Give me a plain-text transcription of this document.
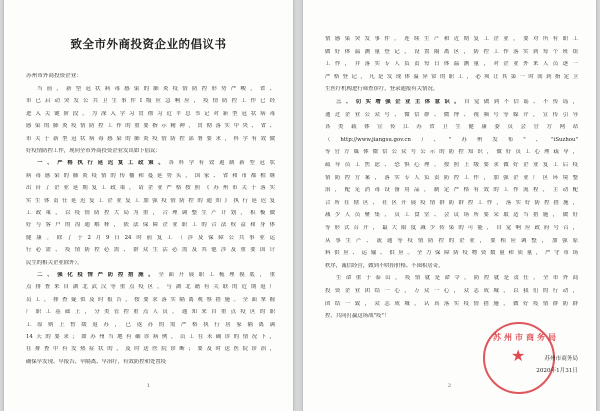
致全市外商投资企业的倡议书
苏州市外商投资企业：
当前，新型冠状病毒感染的肺炎疫情防控形势严峻，省、
市已启动突发公共卫生事件Ⅰ级应急响应，疫情防控工作已经
进入关键阶段。为深入学习贯彻习近平总书记对新型冠状病毒
感染的肺炎疫情防控工作的重要指示精神，贯彻落实中央、省、
市关于新型冠状病毒感染的肺炎疫情防控部署要求，科学有效做
好疫情防控工作，现向全市外商投资企业发出如下倡议：
一、严格执行延迟复工政策。各科学有效遏制新型冠状
病毒感染的肺炎疫情的传播和蔓延势头，国家、省和市都相继
出台了企业延期复工政策，请企业严格按照《苏州市关于落实
实生体责任延迟复工企业复工加强疫情防控的通知》执行延迟复
工政策，以疫情防控大局为重，合理调整生产计划，积极做
好与客户的沟通解释，依法保障企业职工的合法权益和身体
健康。除了于2月9日24时前复工（涉及保障公共事业运
行必需、疫情防控必需、群众生活必需及其他涉及重要国计
民生的相关企业除外）。
二、强化疫情严防控措施。全面开展职工梳理摸底，重
点排查来自湖北武汉等重点疫区，与湖北籍有关联的近期返厂
员工，排查疑似及时报告，按要求落实隔离观察措施。全面掌握
厂职工基础上，分类管控重点人员。通知来自重点疫区的职
工原则上暂缓返苏，已返苏的需严格执行居家隔离满
14天的要求；如苏州当地有确诊病例，员工在未确诊的情况下，
在排查中有发热症状的，及时送医院诊断；要及时送医院诊治，
确保早发现、早报告、早隔离、早治疗，有效防控和处置疫
1
情感染突发事件。连续生产和近期复工企业，要对所有职工
做好体温测量登记，设置隔离区，防控工作落实到每个班组
工作，并落实专人负责每日体温测量，对企业外来人员逐一
严格登记，凡是发现体温异常的职工，必须让其第一时间到指定卫
生医疗机构进行筛查诊疗，登录通报有关情况。
三、切实增强企业主体意识。自觉做到不信谣、不传谣，
通过企业公众号、微信群、微博、视频号等媒介，宣传引导
各类载体宣传江苏省卫生健康委员会官方网站
（http://www.jiangsu.gov.cn）、"苏州发布"、"iSuzhou"
等官方媒体微信公众号公示的防控知识，做好员工心理疏导，
疏导员工焦虑、恐惧心理。按照上级要求做好企业复工后疫
情防控方案，落实专人负责防控工作，加强企业厂区环境整
治，配足消毒设备用品，制定严格有效的工作流程，主动配
合所在辖区、社区开展疫情群防群控工作，落实好防控措施，
减少人员聚集，员工食堂、会议场所要采取适当措施，做好
等形式召开，最大限度减少传染的可能，自觉响应政府号召，
从事生产、流通等疫情防控的企业，要相应调整，加强原
料供应、运输、供应。全力保障防疫物资数量和质量，严守市场
秩序，诚信经营，做到不哄抬价格、不囤积居奇，
生命重于泰山，疫情就是命令，防控就是责任。全市外商
投资企业团结一心，万众一心，众志成城，以我们的行动，
团结一致，众志成城，认真落实疫情措施，做好疫情群防群
控，共同打赢这场战"疫"！
苏州市商务局
★	苏州市商务局
2020年1月31日
2
